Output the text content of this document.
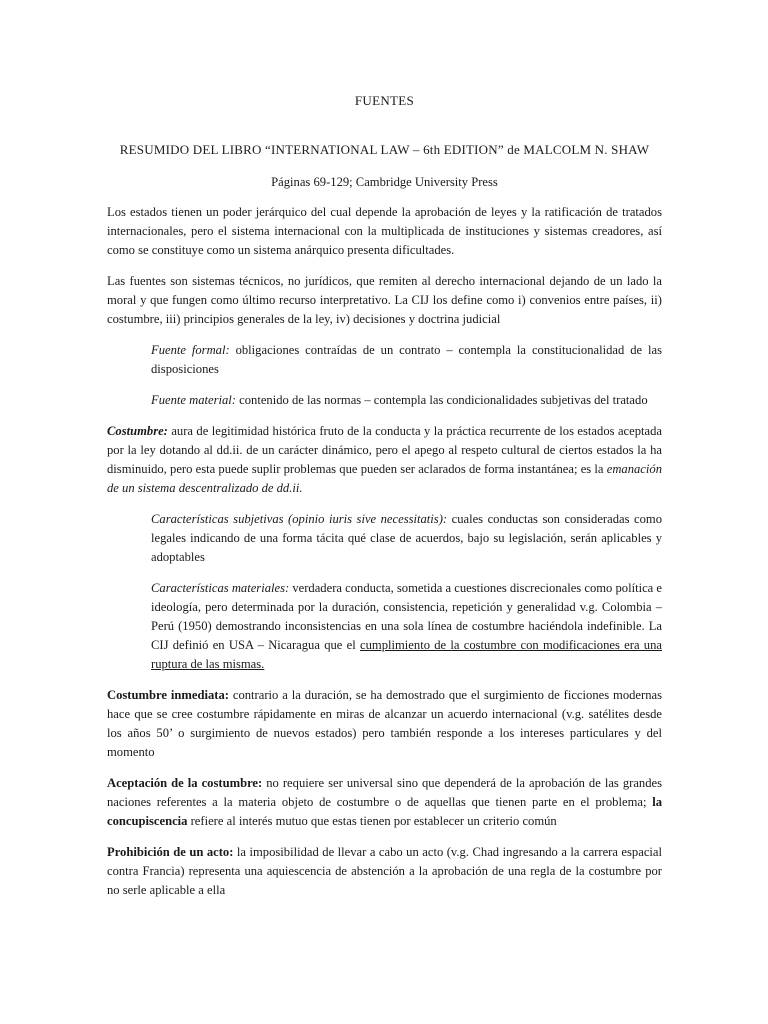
FUENTES
RESUMIDO DEL LIBRO “INTERNATIONAL LAW – 6th EDITION” de MALCOLM N. SHAW
Páginas 69-129; Cambridge University Press

Los estados tienen un poder jerárquico del cual depende la aprobación de leyes y la ratificación de tratados internacionales, pero el sistema internacional con la multiplicada de instituciones y sistemas creadores, así como se constituye como un sistema anárquico presenta dificultades.

Las fuentes son sistemas técnicos, no jurídicos, que remiten al derecho internacional dejando de un lado la moral y que fungen como último recurso interpretativo. La CIJ los define como i) convenios entre países, ii) costumbre, iii) principios generales de la ley, iv) decisiones y doctrina judicial

Fuente formal: obligaciones contraídas de un contrato – contempla la constitucionalidad de las disposiciones

Fuente material: contenido de las normas – contempla las condicionalidades subjetivas del tratado

Costumbre: aura de legitimidad histórica fruto de la conducta y la práctica recurrente de los estados aceptada por la ley dotando al dd.ii. de un carácter dinámico, pero el apego al respeto cultural de ciertos estados la ha disminuido, pero esta puede suplir problemas que pueden ser aclarados de forma instantánea; es la emanación de un sistema descentralizado de dd.ii.

Características subjetivas (opinio iuris sive necessitatis): cuales conductas son consideradas como legales indicando de una forma tácita qué clase de acuerdos, bajo su legislación, serán aplicables y adoptables

Características materiales: verdadera conducta, sometida a cuestiones discrecionales como política e ideología, pero determinada por la duración, consistencia, repetición y generalidad v.g. Colombia – Perú (1950) demostrando inconsistencias en una sola línea de costumbre haciéndola indefinible. La CIJ definió en USA – Nicaragua que el cumplimiento de la costumbre con modificaciones era una ruptura de las mismas.

Costumbre inmediata: contrario a la duración, se ha demostrado que el surgimiento de ficciones modernas hace que se cree costumbre rápidamente en miras de alcanzar un acuerdo internacional (v.g. satélites desde los años 50’ o surgimiento de nuevos estados) pero también responde a los intereses particulares y del momento

Aceptación de la costumbre: no requiere ser universal sino que dependerá de la aprobación de las grandes naciones referentes a la materia objeto de costumbre o de aquellas que tienen parte en el problema; la concupiscencia refiere al interés mutuo que estas tienen por establecer un criterio común

Prohibición de un acto: la imposibilidad de llevar a cabo un acto (v.g. Chad ingresando a la carrera espacial contra Francia) representa una aquiescencia de abstención a la aprobación de una regla de la costumbre por no serle aplicable a ella
